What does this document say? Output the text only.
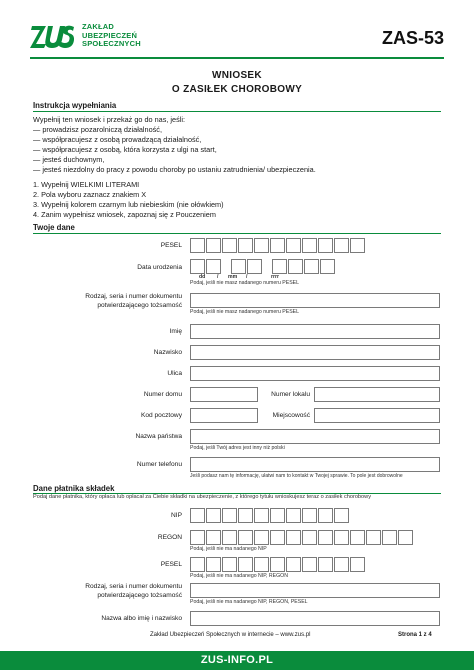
ZAKŁAD
UBEZPIECZEŃ
SPOŁECZNYCH	ZAS-53
WNIOSEK
O ZASIŁEK CHOROBOWY
Instrukcja wypełniania
Wypełnij ten wniosek i przekaż go do nas, jeśli:
— prowadzisz pozarolniczą działalność,
— współpracujesz z osobą prowadzącą działalność,
— współpracujesz z osobą, która korzysta z ulgi na start,
— jesteś duchownym,
— jesteś niezdolny do pracy z powodu choroby po ustaniu zatrudnienia/ ubezpieczenia.
1. Wypełnij WIELKIMI LITERAMI
2. Pola wyboru zaznacz znakiem X
3. Wypełnij kolorem czarnym lub niebieskim (nie ołówkiem)
4. Zanim wypełnisz wniosek, zapoznaj się z Pouczeniem
Twoje dane
PESEL
Data urodzenia
dd / mm /	rrrr
Podaj, jeśli nie masz nadanego numeru PESEL
Rodzaj, seria i numer dokumentu
potwierdzającego tożsamość
Podaj, jeśli nie masz nadanego numeru PESEL
Imię
Nazwisko
Ulica
Numer domu	Numer lokalu
Kod pocztowy	Miejscowość
Nazwa państwa
Podaj, jeśli Twój adres jest inny niż polski
Numer telefonu
Jeśli podasz nam tę informację, ułatwi nam to kontakt w Twojej sprawie. To pole jest dobrowolne
Dane płatnika składek
Podaj dane płatnika, który opłaca lub opłacał za Ciebie składki na ubezpieczenie, z którego tytułu wnioskujesz teraz o zasiłek chorobowy
NIP
REGON
Podaj, jeśli nie ma nadanego NIP
PESEL
Podaj, jeśli nie ma nadanego NIP, REGON
Rodzaj, seria i numer dokumentu
potwierdzającego tożsamość
Podaj, jeśli nie ma nadanego NIP, REGON, PESEL
Nazwa albo imię i nazwisko
Zakład Ubezpieczeń Społecznych w internecie – www.zus.pl	Strona 1 z 4
ZUS-INFO.PL
